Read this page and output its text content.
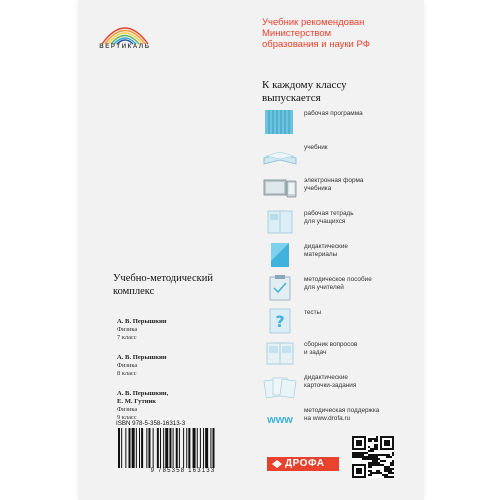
ВЕРТИКАЛЬ
Учебник рекомендован
Министерством
образования и науки РФ
К каждому классу
выпускается
рабочая программа
учебник
электронная форма
учебника
рабочая тетрадь
для учащихся
дидактические
материалы
методическое пособие
для учителей
?	тесты
сборник вопросов
и задач
дидактические
карточки-задания
www
методическая поддержка
на www.drofa.ru
Учебно-методический
комплекс
А. В. Перышкин
Физика
7 класс
А. В. Перышкин
Физика
8 класс
А. В. Перышкин,
Е. М. Гутник
Физика
9 класс
ISBN 978-5-358-16313-3
9 785358 163133
ДРОФА
